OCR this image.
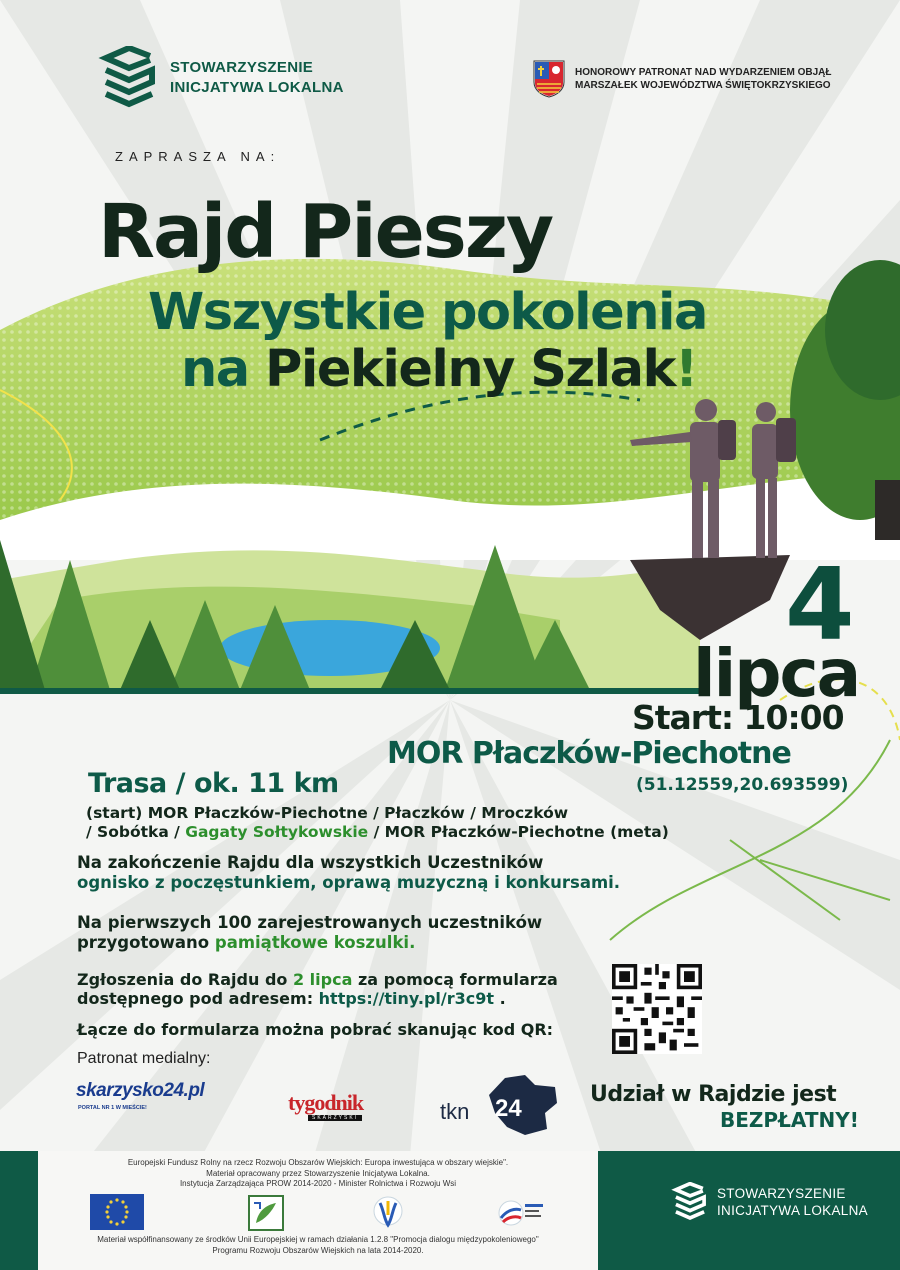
STOWARZYSZENIE
INICJATYWA LOKALNA
HONOROWY PATRONAT NAD WYDARZENIEM OBJĄŁ
MARSZAŁEK WOJEWÓDZTWA ŚWIĘTOKRZYSKIEGO
ZAPRASZA NA:
Rajd Pieszy
Wszystkie pokolenia
na Piekielny Szlak!
4
lipca
Start: 10:00
MOR Płaczków-Piechotne
(51.12559,20.693599)
Trasa / ok. 11 km
(start) MOR Płaczków-Piechotne / Płaczków / Mroczków
/ Sobótka / Gagaty Sołtykowskie / MOR Płaczków-Piechotne (meta)
Na zakończenie Rajdu dla wszystkich Uczestników
ognisko z poczęstunkiem, oprawą muzyczną i konkursami.
Na pierwszych 100 zarejestrowanych uczestników
przygotowano pamiątkowe koszulki.
Zgłoszenia do Rajdu do 2 lipca za pomocą formularza
dostępnego pod adresem: https://tiny.pl/r3c9t .
Łącze do formularza można pobrać skanując kod QR:
Patronat medialny:
skarzysko24.pl
PORTAL NR 1 W MIEŚCIE!	tygodnik
SKARŻYSKI	tkn 24
Udział w Rajdzie jest
BEZPŁATNY!
Europejski Fundusz Rolny na rzecz Rozwoju Obszarów Wiejskich: Europa inwestująca w obszary wiejskie".
Materiał opracowany przez Stowarzyszenie Inicjatywa Lokalna.
Instytucja Zarządzająca PROW 2014-2020 - Minister Rolnictwa i Rozwoju Wsi
Materiał współfinansowany ze środków Unii Europejskiej w ramach działania 1.2.8 "Promocja dialogu międzypokoleniowego"
Programu Rozwoju Obszarów Wiejskich na lata 2014-2020.
STOWARZYSZENIE
INICJATYWA LOKALNA
